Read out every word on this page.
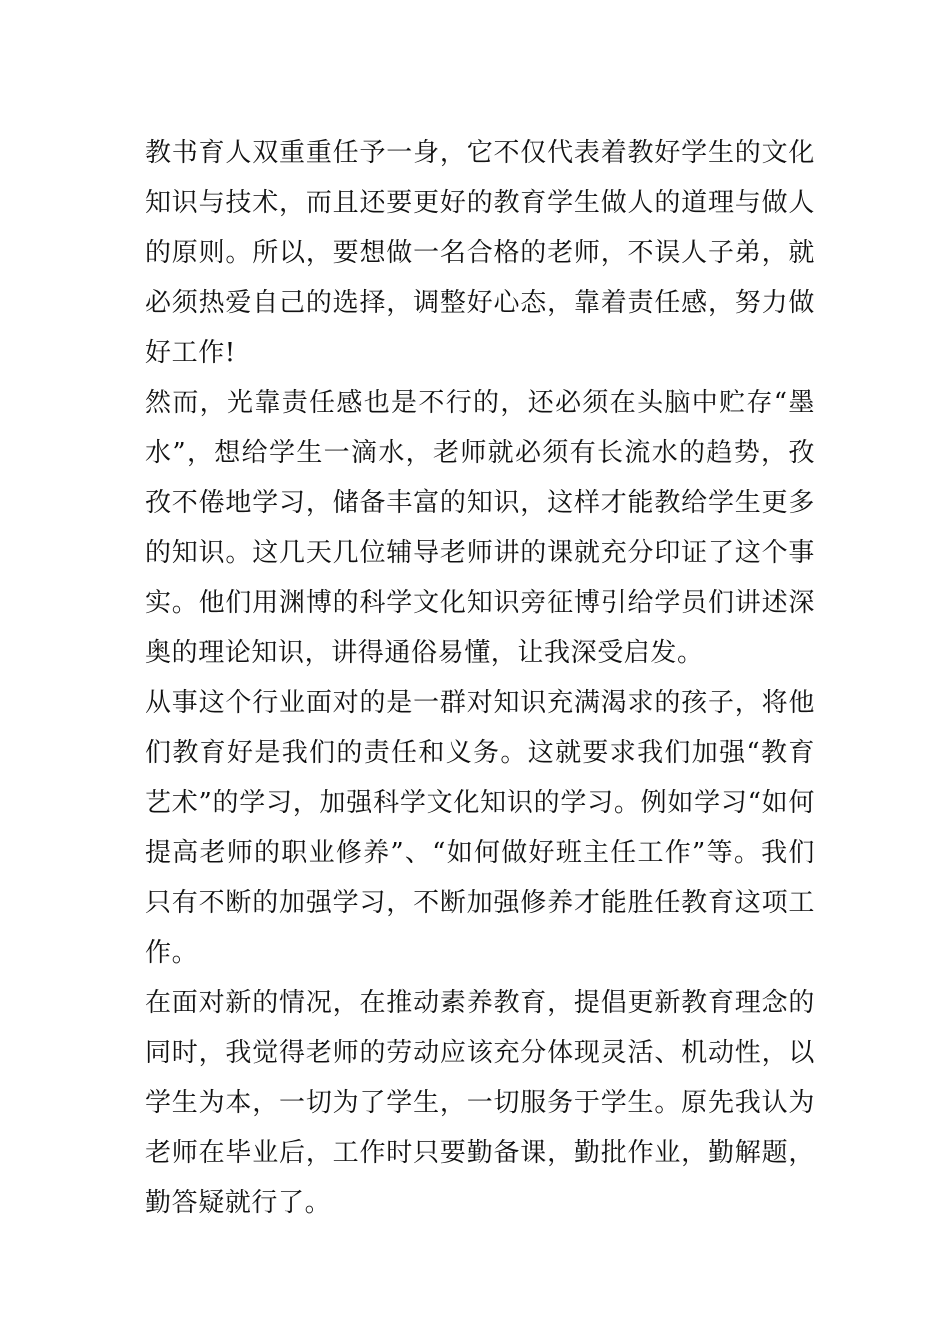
教书育人双重重任予一身，它不仅代表着教好学生的文化知识与技术，而且还要更好的教育学生做人的道理与做人的原则。所以，要想做一名合格的老师，不误人子弟，就必须热爱自己的选择，调整好心态，靠着责任感，努力做好工作!

然而，光靠责任感也是不行的，还必须在头脑中贮存“墨水”，想给学生一滴水，老师就必须有长流水的趋势，孜孜不倦地学习，储备丰富的知识，这样才能教给学生更多的知识。这几天几位辅导老师讲的课就充分印证了这个事实。他们用渊博的科学文化知识旁征博引给学员们讲述深奥的理论知识，讲得通俗易懂，让我深受启发。

从事这个行业面对的是一群对知识充满渴求的孩子，将他们教育好是我们的责任和义务。这就要求我们加强“教育艺术”的学习，加强科学文化知识的学习。例如学习“如何提高老师的职业修养”、“如何做好班主任工作”等。我们只有不断的加强学习，不断加强修养才能胜任教育这项工作。

在面对新的情况，在推动素养教育，提倡更新教育理念的同时，我觉得老师的劳动应该充分体现灵活、机动性，以学生为本，一切为了学生，一切服务于学生。原先我认为老师在毕业后，工作时只要勤备课，勤批作业，勤解题，勤答疑就行了。
